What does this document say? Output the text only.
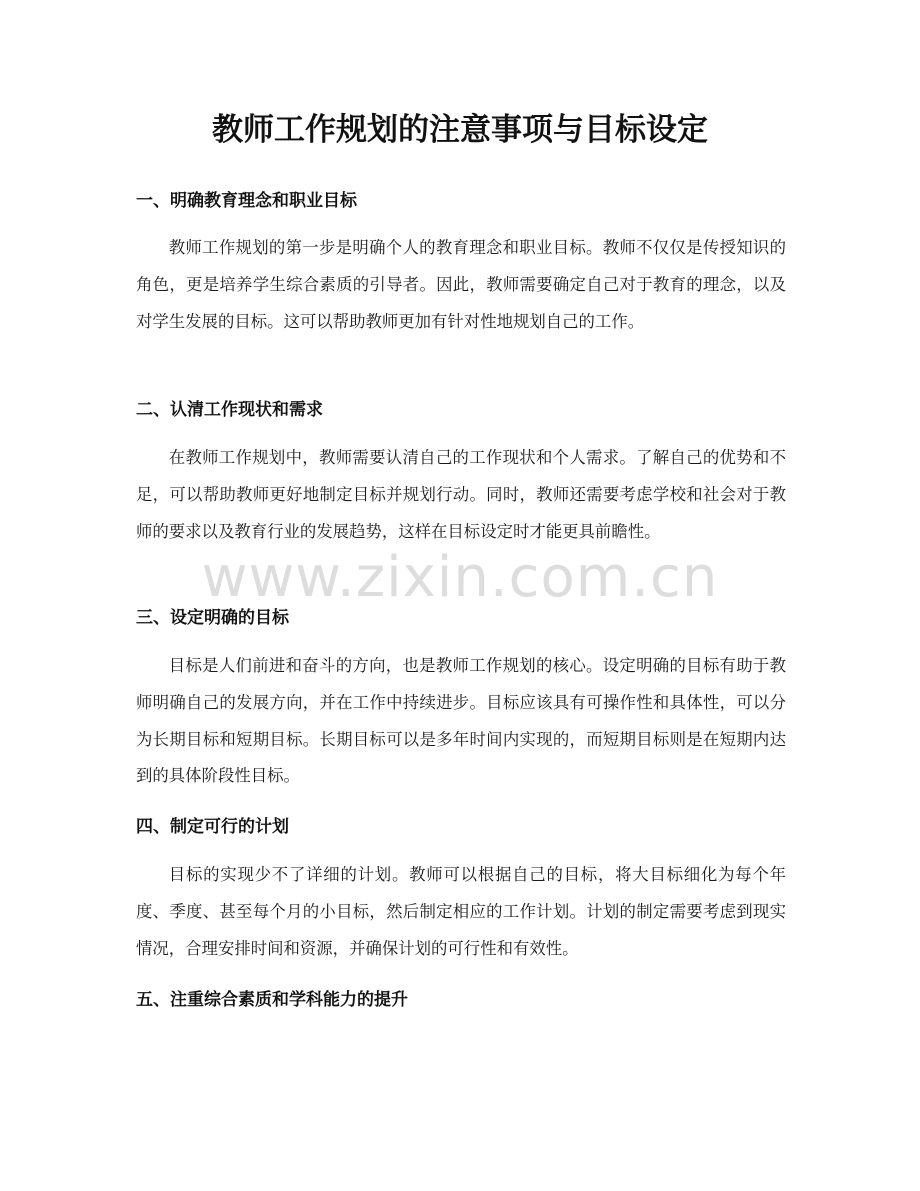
www.zixin.com.cn
教师工作规划的注意事项与目标设定
一、明确教育理念和职业目标

教师工作规划的第一步是明确个人的教育理念和职业目标。教师不仅仅是传授知识的角色，更是培养学生综合素质的引导者。因此，教师需要确定自己对于教育的理念，以及对学生发展的目标。这可以帮助教师更加有针对性地规划自己的工作。

二、认清工作现状和需求

在教师工作规划中，教师需要认清自己的工作现状和个人需求。了解自己的优势和不足，可以帮助教师更好地制定目标并规划行动。同时，教师还需要考虑学校和社会对于教师的要求以及教育行业的发展趋势，这样在目标设定时才能更具前瞻性。

三、设定明确的目标

目标是人们前进和奋斗的方向，也是教师工作规划的核心。设定明确的目标有助于教师明确自己的发展方向，并在工作中持续进步。目标应该具有可操作性和具体性，可以分为长期目标和短期目标。长期目标可以是多年时间内实现的，而短期目标则是在短期内达到的具体阶段性目标。

四、制定可行的计划

目标的实现少不了详细的计划。教师可以根据自己的目标，将大目标细化为每个年度、季度、甚至每个月的小目标，然后制定相应的工作计划。计划的制定需要考虑到现实情况，合理安排时间和资源，并确保计划的可行性和有效性。

五、注重综合素质和学科能力的提升
